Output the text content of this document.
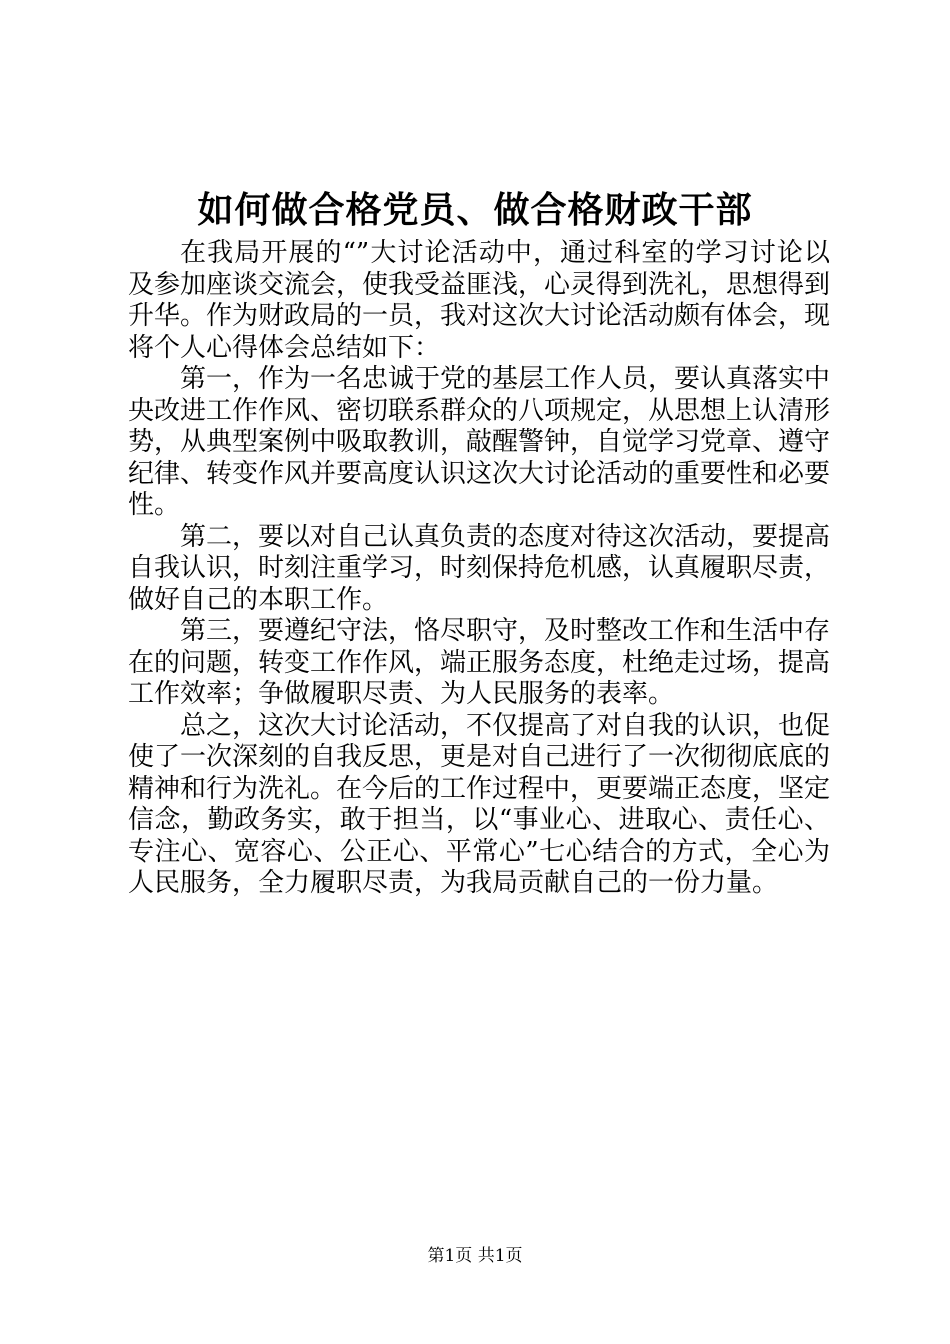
如何做合格党员、做合格财政干部

在我局开展的“”大讨论活动中，通过科室的学习讨论以及参加座谈交流会，使我受益匪浅，心灵得到洗礼，思想得到升华。作为财政局的一员，我对这次大讨论活动颇有体会，现将个人心得体会总结如下：

第一，作为一名忠诚于党的基层工作人员，要认真落实中央改进工作作风、密切联系群众的八项规定，从思想上认清形势，从典型案例中吸取教训，敲醒警钟，自觉学习党章、遵守纪律、转变作风并要高度认识这次大讨论活动的重要性和必要性。

第二，要以对自己认真负责的态度对待这次活动，要提高自我认识，时刻注重学习，时刻保持危机感，认真履职尽责，做好自己的本职工作。

第三，要遵纪守法，恪尽职守，及时整改工作和生活中存在的问题，转变工作作风，端正服务态度，杜绝走过场，提高工作效率；争做履职尽责、为人民服务的表率。

总之，这次大讨论活动，不仅提高了对自我的认识，也促使了一次深刻的自我反思，更是对自己进行了一次彻彻底底的精神和行为洗礼。在今后的工作过程中，更要端正态度，坚定信念，勤政务实，敢于担当，以“事业心、进取心、责任心、专注心、宽容心、公正心、平常心”七心结合的方式，全心为人民服务，全力履职尽责，为我局贡献自己的一份力量。

第1页 共1页
